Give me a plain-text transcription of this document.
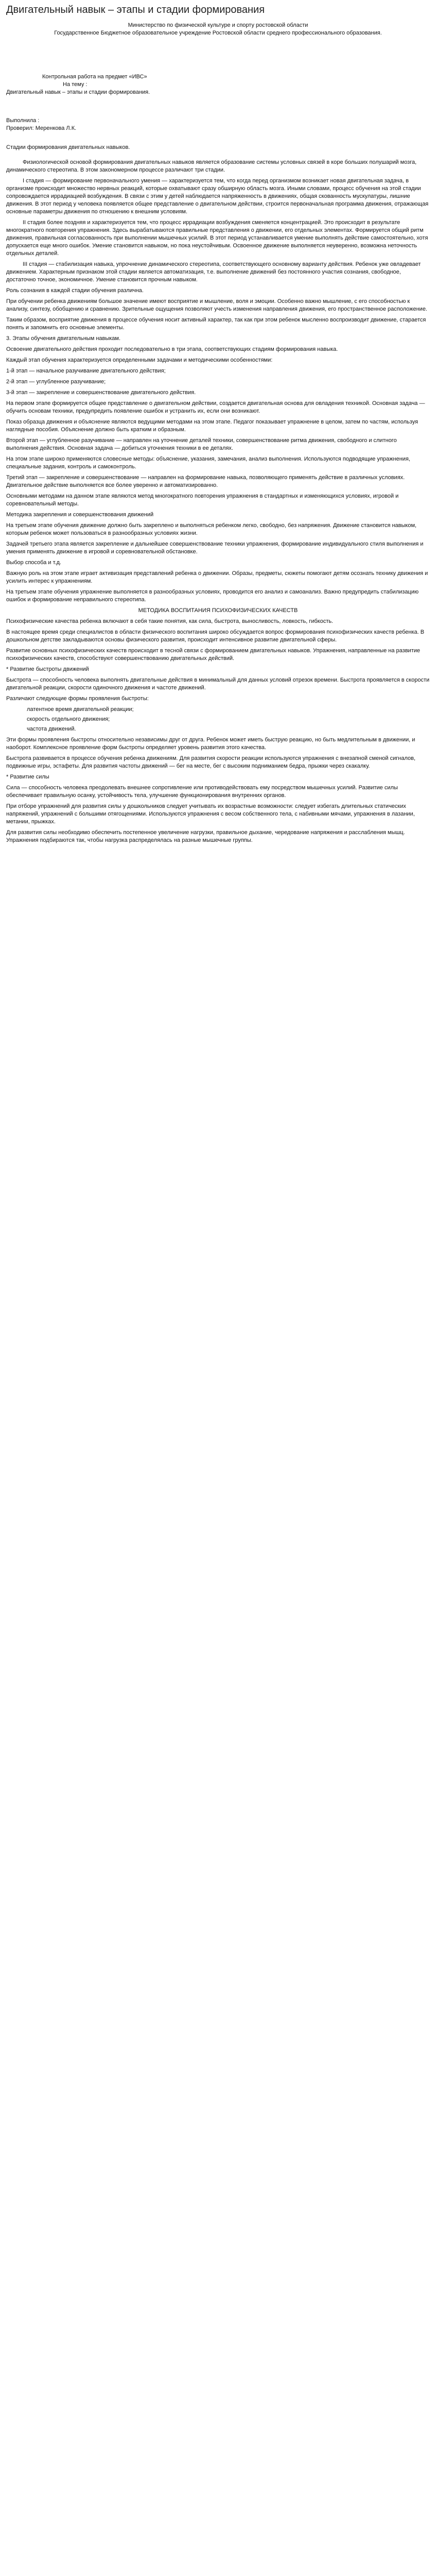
Двигательный навык – этапы и стадии формирования
Министерство по физической культуре и спорту ростовской области
Государственное Бюджетное образовательное учреждение Ростовской области среднего профессионального образования.
Контрольная работа на предмет «ИВС»
На тему :
Двигательный навык – этапы и стадии формирования.
Выполнила :
Проверил: Меренкова Л.К.

Стадии формирования двигательных навыков.

Физиологической основой формирования двигательных навыков является образование системы условных связей в коре больших полушарий мозга, динамического стереотипа. В этом закономерном процессе различают три стадии.

I стадия — формирование первоначального умения — характеризуется тем, что когда перед организмом возникает новая двигательная задача, в организме происходит множество нервных реакций, которые охватывают сразу обширную область мозга. Иными словами, процесс обучения на этой стадии сопровождается иррадиацией возбуждения. В связи с этим у детей наблюдается напряженность в движениях, общая скованность мускулатуры, лишние движения. В этот период у человека появляется общее представление о двигательном действии, строится первоначальная программа движения, отражающая основные параметры движения по отношению к внешним условиям.

II стадия более поздняя и характеризуется тем, что процесс иррадиации возбуждения сменяется концентрацией. Это происходит в результате многократного повторения упражнения. Здесь вырабатываются правильные представления о движении, его отдельных элементах. Формируется общий ритм движения, правильная согласованность при выполнении мышечных усилий. В этот период устанавливается умение выполнять действие самостоятельно, хотя допускается еще много ошибок. Умение становится навыком, но пока неустойчивым. Освоенное движение выполняется неуверенно, возможна неточность отдельных деталей.

III стадия — стабилизация навыка, упрочнение динамического стереотипа, соответствующего основному варианту действия. Ребенок уже овладевает движением. Характерным признаком этой стадии является автоматизация, т.е. выполнение движений без постоянного участия сознания, свободное, достаточно точное, экономичное. Умение становится прочным навыком.

Роль сознания в каждой стадии обучения различна.

При обучении ребенка движениям большое значение имеют восприятие и мышление, воля и эмоции. Особенно важно мышление, с его способностью к анализу, синтезу, обобщению и сравнению. Зрительные ощущения позволяют учесть изменения направления движения, его пространственное расположение.

Таким образом, восприятие движения в процессе обучения носит активный характер, так как при этом ребенок мысленно воспроизводит движение, старается понять и запомнить его основные элементы.

3. Этапы обучения двигательным навыкам.

Освоение двигательного действия проходит последовательно в три этапа, соответствующих стадиям формирования навыка.

Каждый этап обучения характеризуется определенными задачами и методическими особенностями:

1-й этап — начальное разучивание двигательного действия;

2-й этап — углубленное разучивание;

3-й этап — закрепление и совершенствование двигательного действия.

На первом этапе формируется общее представление о двигательном действии, создается двигательная основа для овладения техникой. Основная задача — обучить основам техники, предупредить появление ошибок и устранить их, если они возникают.

Показ образца движения и объяснение являются ведущими методами на этом этапе. Педагог показывает упражнение в целом, затем по частям, используя наглядные пособия. Объяснение должно быть кратким и образным.

Второй этап — углубленное разучивание — направлен на уточнение деталей техники, совершенствование ритма движения, свободного и слитного выполнения действия. Основная задача — добиться уточнения техники в ее деталях.

На этом этапе широко применяются словесные методы: объяснение, указания, замечания, анализ выполнения. Используются подводящие упражнения, специальные задания, контроль и самоконтроль.

Третий этап — закрепление и совершенствование — направлен на формирование навыка, позволяющего применять действие в различных условиях. Двигательное действие выполняется все более уверенно и автоматизированно.

Основными методами на данном этапе являются метод многократного повторения упражнения в стандартных и изменяющихся условиях, игровой и соревновательный методы.

Методика закрепления и совершенствования движений

На третьем этапе обучения движение должно быть закреплено и выполняться ребенком легко, свободно, без напряжения. Движение становится навыком, которым ребенок может пользоваться в разнообразных условиях жизни.

Задачей третьего этапа является закрепление и дальнейшее совершенствование техники упражнения, формирование индивидуального стиля выполнения и умения применять движение в игровой и соревновательной обстановке.

Выбор способа и т.д.

Важную роль на этом этапе играет активизация представлений ребенка о движении. Образы, предметы, сюжеты помогают детям осознать технику движения и усилить интерес к упражнениям.

На третьем этапе обучения упражнение выполняется в разнообразных условиях, проводится его анализ и самоанализ. Важно предупредить стабилизацию ошибок и формирование неправильного стереотипа.

МЕТОДИКА ВОСПИТАНИЯ ПСИХОФИЗИЧЕСКИХ КАЧЕСТВ

Психофизические качества ребенка включают в себя такие понятия, как сила, быстрота, выносливость, ловкость, гибкость.

В настоящее время среди специалистов в области физического воспитания широко обсуждается вопрос формирования психофизических качеств ребенка. В дошкольном детстве закладываются основы физического развития, происходит интенсивное развитие двигательной сферы.

Развитие основных психофизических качеств происходит в тесной связи с формированием двигательных навыков. Упражнения, направленные на развитие психофизических качеств, способствуют совершенствованию двигательных действий.

* Развитие быстроты движений

Быстрота — способность человека выполнять двигательные действия в минимальный для данных условий отрезок времени. Быстрота проявляется в скорости двигательной реакции, скорости одиночного движения и частоте движений.

Различают следующие формы проявления быстроты:

латентное время двигательной реакции;
скорость отдельного движения;
частота движений.

Эти формы проявления быстроты относительно независимы друг от друга. Ребенок может иметь быструю реакцию, но быть медлительным в движении, и наоборот. Комплексное проявление форм быстроты определяет уровень развития этого качества.

Быстрота развивается в процессе обучения ребенка движениям. Для развития скорости реакции используются упражнения с внезапной сменой сигналов, подвижные игры, эстафеты. Для развития частоты движений — бег на месте, бег с высоким подниманием бедра, прыжки через скакалку.

* Развитие силы

Сила — способность человека преодолевать внешнее сопротивление или противодействовать ему посредством мышечных усилий. Развитие силы обеспечивает правильную осанку, устойчивость тела, улучшение функционирования внутренних органов.

При отборе упражнений для развития силы у дошкольников следует учитывать их возрастные возможности: следует избегать длительных статических напряжений, упражнений с большими отягощениями. Используются упражнения с весом собственного тела, с набивными мячами, упражнения в лазании, метании, прыжках.

Для развития силы необходимо обеспечить постепенное увеличение нагрузки, правильное дыхание, чередование напряжения и расслабления мышц. Упражнения подбираются так, чтобы нагрузка распределялась на разные мышечные группы.
